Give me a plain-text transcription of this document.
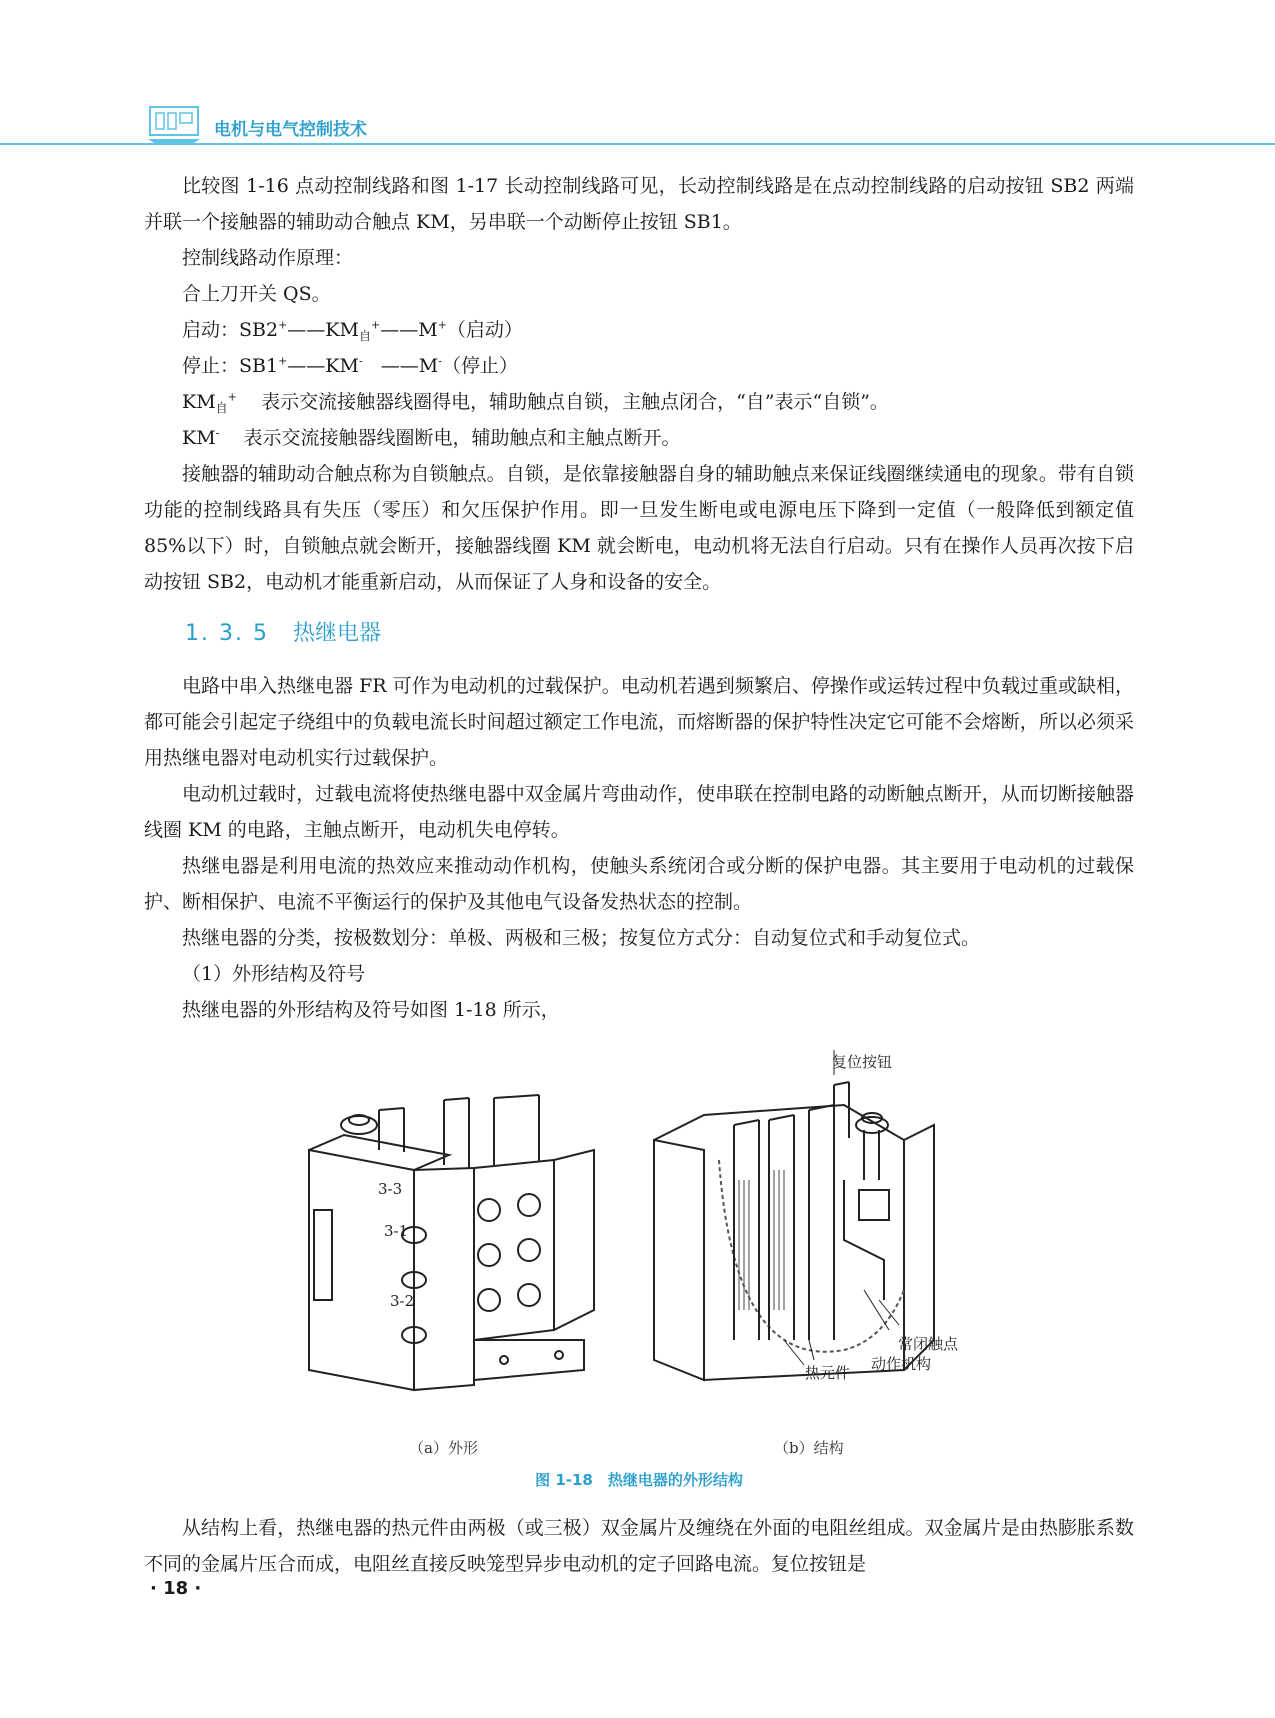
电机与电气控制技术

比较图 1-16 点动控制线路和图 1-17 长动控制线路可见，长动控制线路是在点动控制线路的启动按钮 SB2 两端并联一个接触器的辅助动合触点 KM，另串联一个动断停止按钮 SB1。

控制线路动作原理：

合上刀开关 QS。

启动：$SB2^+——KM_自^+——M^+$（启动）

停止：SB1+——KM- ——M-（停止）

$KM_自^+$ 表示交流接触器线圈得电，辅助触点自锁，主触点闭合，“自”表示“自锁”。

KM- 表示交流接触器线圈断电，辅助触点和主触点断开。

接触器的辅助动合触点称为自锁触点。自锁，是依靠接触器自身的辅助触点来保证线圈继续通电的现象。带有自锁功能的控制线路具有失压（零压）和欠压保护作用。即一旦发生断电或电源电压下降到一定值（一般降低到额定值 85%以下）时，自锁触点就会断开，接触器线圈 KM 就会断电，电动机将无法自行启动。只有在操作人员再次按下启动按钮 SB2，电动机才能重新启动，从而保证了人身和设备的安全。

1. 3. 5 热继电器

电路中串入热继电器 FR 可作为电动机的过载保护。电动机若遇到频繁启、停操作或运转过程中负载过重或缺相，都可能会引起定子绕组中的负载电流长时间超过额定工作电流，而熔断器的保护特性决定它可能不会熔断，所以必须采用热继电器对电动机实行过载保护。

电动机过载时，过载电流将使热继电器中双金属片弯曲动作，使串联在控制电路的动断触点断开，从而切断接触器线圈 KM 的电路，主触点断开，电动机失电停转。

热继电器是利用电流的热效应来推动动作机构，使触头系统闭合或分断的保护电器。其主要用于电动机的过载保护、断相保护、电流不平衡运行的保护及其他电气设备发热状态的控制。

热继电器的分类，按极数划分：单极、两极和三极；按复位方式分：自动复位式和手动复位式。

（1）外形结构及符号

热继电器的外形结构及符号如图 1-18 所示，

3-3
3-1
3-2
复位按钮
常闭触点
动作机构
热元件
（a）外形	（b）结构
图 1-18　热继电器的外形结构

从结构上看，热继电器的热元件由两极（或三极）双金属片及缠绕在外面的电阻丝组成。双金属片是由热膨胀系数不同的金属片压合而成，电阻丝直接反映笼型异步电动机的定子回路电流。复位按钮是

· 18 ·
